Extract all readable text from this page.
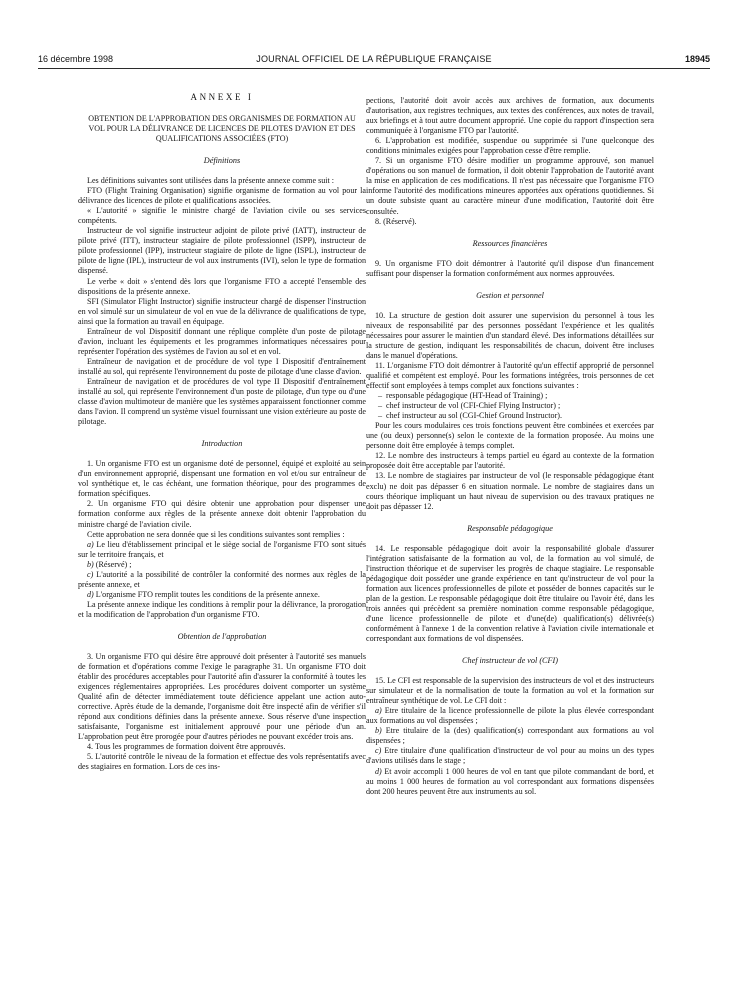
16 décembre 1998	JOURNAL OFFICIEL DE LA RÉPUBLIQUE FRANÇAISE	18945
ANNEXE I
OBTENTION DE L'APPROBATION DES ORGANISMES DE FORMATION AU VOL POUR LA DÉLIVRANCE DE LICENCES DE PILOTES D'AVION ET DES QUALIFICATIONS ASSOCIÉES (FTO)
Définitions

Les définitions suivantes sont utilisées dans la présente annexe comme suit :

FTO (Flight Training Organisation) signifie organisme de formation au vol pour la délivrance des licences de pilote et qualifications associées.

« L'autorité » signifie le ministre chargé de l'aviation civile ou ses services compétents.

Instructeur de vol signifie instructeur adjoint de pilote privé (IATT), instructeur de pilote privé (ITT), instructeur stagiaire de pilote professionnel (ISPP), instructeur de pilote professionnel (IPP), instructeur stagiaire de pilote de ligne (ISPL), instructeur de pilote de ligne (IPL), instructeur de vol aux instruments (IVI), selon le type de formation dispensé.

Le verbe « doit » s'entend dès lors que l'organisme FTO a accepté l'ensemble des dispositions de la présente annexe.

SFI (Simulator Flight Instructor) signifie instructeur chargé de dispenser l'instruction en vol simulé sur un simulateur de vol en vue de la délivrance de qualifications de type, ainsi que la formation au travail en équipage.

Entraîneur de vol Dispositif donnant une réplique complète d'un poste de pilotage d'avion, incluant les équipements et les programmes informatiques nécessaires pour représenter l'opération des systèmes de l'avion au sol et en vol.

Entraîneur de navigation et de procédure de vol type I Dispositif d'entraînement installé au sol, qui représente l'environnement du poste de pilotage d'une classe d'avion.

Entraîneur de navigation et de procédures de vol type II Dispositif d'entraînement installé au sol, qui représente l'environnement d'un poste de pilotage, d'un type ou d'une classe d'avion multimoteur de manière que les systèmes apparaissent fonctionner comme dans l'avion. Il comprend un système visuel fournissant une vision extérieure au poste de pilotage.

Introduction

1. Un organisme FTO est un organisme doté de personnel, équipé et exploité au sein d'un environnement approprié, dispensant une formation en vol et/ou sur entraîneur de vol synthétique et, le cas échéant, une formation théorique, pour des programmes de formation spécifiques.

2. Un organisme FTO qui désire obtenir une approbation pour dispenser une formation conforme aux règles de la présente annexe doit obtenir l'approbation du ministre chargé de l'aviation civile.

Cette approbation ne sera donnée que si les conditions suivantes sont remplies :

a) Le lieu d'établissement principal et le siège social de l'organisme FTO sont situés sur le territoire français, et

b) (Réservé) ;

c) L'autorité a la possibilité de contrôler la conformité des normes aux règles de la présente annexe, et

d) L'organisme FTO remplit toutes les conditions de la présente annexe.

La présente annexe indique les conditions à remplir pour la délivrance, la prorogation et la modification de l'approbation d'un organisme FTO.

Obtention de l'approbation

3. Un organisme FTO qui désire être approuvé doit présenter à l'autorité ses manuels de formation et d'opérations comme l'exige le paragraphe 31. Un organisme FTO doit établir des procédures acceptables pour l'autorité afin d'assurer la conformité à toutes les exigences réglementaires appropriées. Les procédures doivent comporter un système Qualité afin de détecter immédiatement toute déficience appelant une action auto-corrective. Après étude de la demande, l'organisme doit être inspecté afin de vérifier s'il répond aux conditions définies dans la présente annexe. Sous réserve d'une inspection satisfaisante, l'organisme est initialement approuvé pour une période d'un an. L'approbation peut être prorogée pour d'autres périodes ne pouvant excéder trois ans.

4. Tous les programmes de formation doivent être approuvés.

5. L'autorité contrôle le niveau de la formation et effectue des vols représentatifs avec des stagiaires en formation. Lors de ces ins-

pections, l'autorité doit avoir accès aux archives de formation, aux documents d'autorisation, aux registres techniques, aux textes des conférences, aux notes de travail, aux briefings et à tout autre document approprié. Une copie du rapport d'inspection sera communiquée à l'organisme FTO par l'autorité.

6. L'approbation est modifiée, suspendue ou supprimée si l'une quelconque des conditions minimales exigées pour l'approbation cesse d'être remplie.

7. Si un organisme FTO désire modifier un programme approuvé, son manuel d'opérations ou son manuel de formation, il doit obtenir l'approbation de l'autorité avant la mise en application de ces modifications. Il n'est pas nécessaire que l'organisme FTO informe l'autorité des modifications mineures apportées aux opérations quotidiennes. Si un doute subsiste quant au caractère mineur d'une modification, l'autorité doit être consultée.

8. (Réservé).

Ressources financières

9. Un organisme FTO doit démontrer à l'autorité qu'il dispose d'un financement suffisant pour dispenser la formation conformément aux normes approuvées.

Gestion et personnel

10. La structure de gestion doit assurer une supervision du personnel à tous les niveaux de responsabilité par des personnes possédant l'expérience et les qualités nécessaires pour assurer le maintien d'un standard élevé. Des informations détaillées sur la structure de gestion, indiquant les responsabilités de chacun, doivent être incluses dans le manuel d'opérations.

11. L'organisme FTO doit démontrer à l'autorité qu'un effectif approprié de personnel qualifié et compétent est employé. Pour les formations intégrées, trois personnes de cet effectif sont employées à temps complet aux fonctions suivantes :

– responsable pédagogique (HT-Head of Training) ;

– chef instructeur de vol (CFI-Chief Flying Instructor) ;

– chef instructeur au sol (CGI-Chief Ground Instructor).

Pour les cours modulaires ces trois fonctions peuvent être combinées et exercées par une (ou deux) personne(s) selon le contexte de la formation proposée. Au moins une personne doit être employée à temps complet.

12. Le nombre des instructeurs à temps partiel eu égard au contexte de la formation proposée doit être acceptable par l'autorité.

13. Le nombre de stagiaires par instructeur de vol (le responsable pédagogique étant exclu) ne doit pas dépasser 6 en situation normale. Le nombre de stagiaires dans un cours théorique impliquant un haut niveau de supervision ou des travaux pratiques ne doit pas dépasser 12.

Responsable pédagogique

14. Le responsable pédagogique doit avoir la responsabilité globale d'assurer l'intégration satisfaisante de la formation au vol, de la formation au vol simulé, de l'instruction théorique et de superviser les progrès de chaque stagiaire. Le responsable pédagogique doit posséder une grande expérience en tant qu'instructeur de vol pour la formation aux licences professionnelles de pilote et posséder de bonnes capacités sur le plan de la gestion. Le responsable pédagogique doit être titulaire ou l'avoir été, dans les trois années qui précèdent sa première nomination comme responsable pédagogique, d'une licence professionnelle de pilote et d'une(de) qualification(s) délivrée(s) conformément à l'annexe 1 de la convention relative à l'aviation civile internationale et correspondant aux formations de vol dispensées.

Chef instructeur de vol (CFI)

15. Le CFI est responsable de la supervision des instructeurs de vol et des instructeurs sur simulateur et de la normalisation de toute la formation au vol et la formation sur entraîneur synthétique de vol. Le CFI doit :

a) Etre titulaire de la licence professionnelle de pilote la plus élevée correspondant aux formations au vol dispensées ;

b) Etre titulaire de la (des) qualification(s) correspondant aux formations au vol dispensées ;

c) Etre titulaire d'une qualification d'instructeur de vol pour au moins un des types d'avions utilisés dans le stage ;

d) Et avoir accompli 1 000 heures de vol en tant que pilote commandant de bord, et au moins 1 000 heures de formation au vol correspondant aux formations dispensées dont 200 heures peuvent être aux instruments au sol.
